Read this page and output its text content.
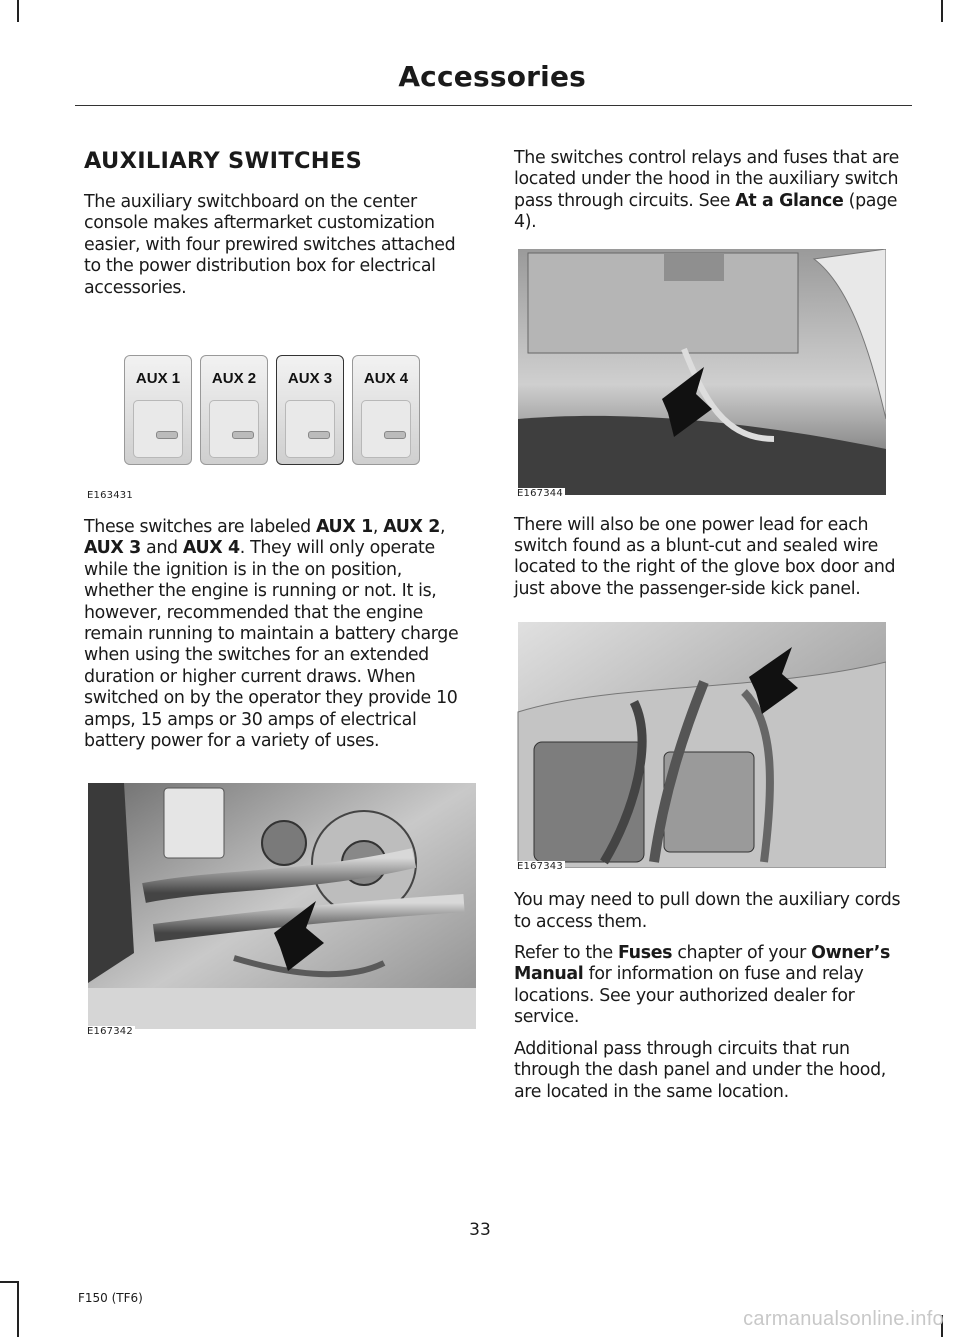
Accessories
AUXILIARY SWITCHES

The auxiliary switchboard on the center console makes aftermarket customization easier, with four prewired switches attached to the power distribution box for electrical accessories.

AUX 1	AUX 2	AUX 3	AUX 4
E163431

These switches are labeled AUX 1, AUX 2, AUX 3 and AUX 4. They will only operate while the ignition is in the on position, whether the engine is running or not. It is, however, recommended that the engine remain running to maintain a battery charge when using the switches for an extended duration or higher current draws. When switched on by the operator they provide 10 amps, 15 amps or 30 amps of electrical battery power for a variety of uses.

E167342

The switches control relays and fuses that are located under the hood in the auxiliary switch pass through circuits. See At a Glance (page 4).

E167344

There will also be one power lead for each switch found as a blunt-cut and sealed wire located to the right of the glove box door and just above the passenger-side kick panel.

E167343

You may need to pull down the auxiliary cords to access them.

Refer to the Fuses chapter of your Owner’s Manual for information on fuse and relay locations. See your authorized dealer for service.

Additional pass through circuits that run through the dash panel and under the hood, are located in the same location.

33
F150 (TF6)
carmanualsonline.info
